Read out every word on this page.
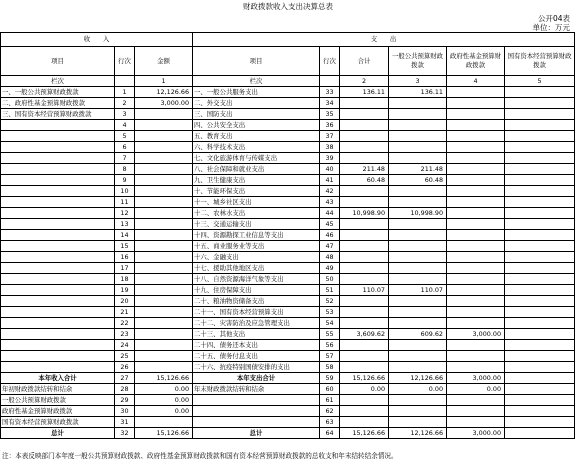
财政拨款收入支出决算总表
公开04表
单位：万元
收　　入			支　　出					
项目	行次	金额	项目	行次	合计	一般公共预算财政拨款	政府性基金预算财政拨款	国有资本经营预算财政拨款
栏次		1	栏次		2	3	4	5
一、一般公共预算财政拨款	1	12,126.66	一、一般公共服务支出	33	136.11	136.11		
二、政府性基金预算财政拨款	2	3,000.00	二、外交支出	34				
三、国有资本经营预算财政拨款	3		三、国防支出	35				
	4		四、公共安全支出	36				
	5		五、教育支出	37				
	6		六、科学技术支出	38				
	7		七、文化旅游体育与传媒支出	39				
	8		八、社会保障和就业支出	40	211.48	211.48		
	9		九、卫生健康支出	41	60.48	60.48		
	10		十、节能环保支出	42				
	11		十一、城乡社区支出	43				
	12		十二、农林水支出	44	10,998.90	10,998.90		
	13		十三、交通运输支出	45				
	14		十四、资源勘探工业信息等支出	46				
	15		十五、商业服务业等支出	47				
	16		十六、金融支出	48				
	17		十七、援助其他地区支出	49				
	18		十八、自然资源海洋气象等支出	50				
	19		十九、住房保障支出	51	110.07	110.07		
	20		二十、粮油物资储备支出	52				
	21		二十一、国有资本经营预算支出	53				
	22		二十二、灾害防治及应急管理支出	54				
	23		二十三、其他支出	55	3,609.62	609.62	3,000.00	
	24		二十四、债务还本支出	56				
	25		二十五、债务付息支出	57				
	26		二十六、抗疫特别国债安排的支出	58				
本年收入合计	27	15,126.66	本年支出合计	59	15,126.66	12,126.66	3,000.00	
年初财政拨款结转和结余	28	0.00	年末财政拨款结转和结余	60	0.00	0.00	0.00	
一般公共预算财政拨款	29	0.00		61				
政府性基金预算财政拨款	30	0.00		62				
国有资本经营预算财政拨款	31			63				
总计	32	15,126.66	总计	64	15,126.66	12,126.66	3,000.00	
注：本表反映部门本年度一般公共预算财政拨款、政府性基金预算财政拨款和国有资本经营预算财政拨款的总收支和年末结转结余情况。
